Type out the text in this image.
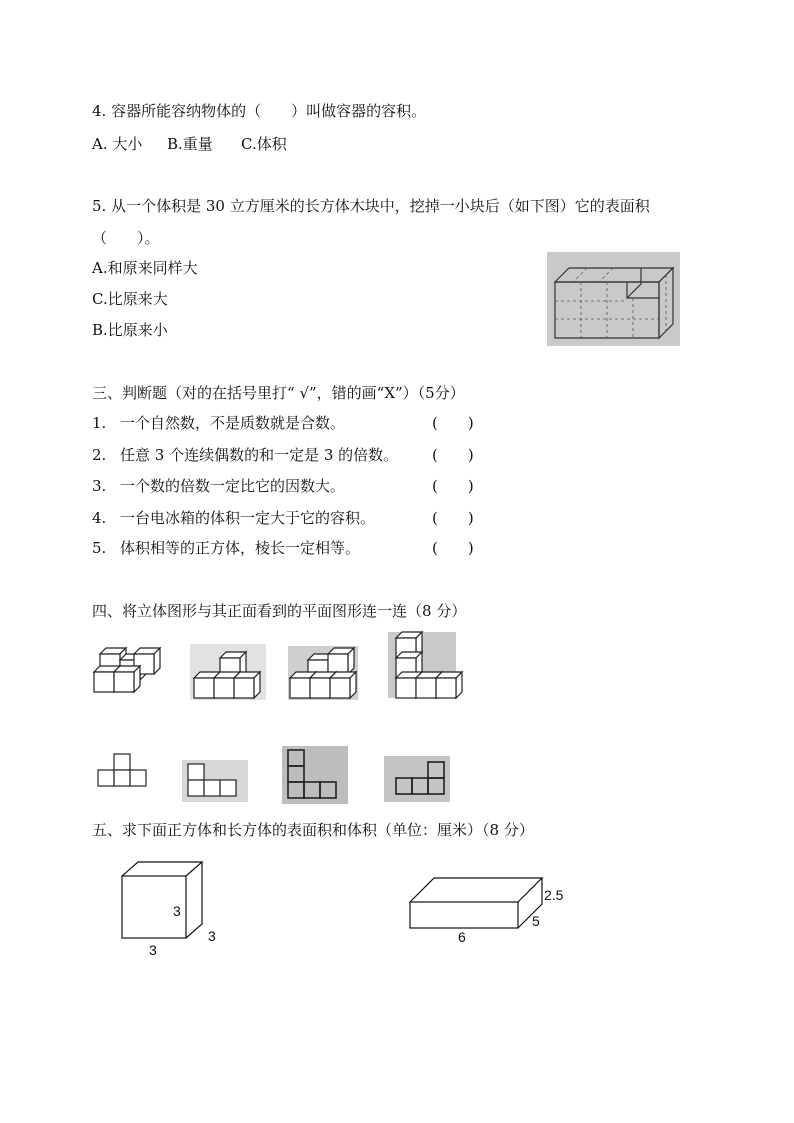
4. 容器所能容纳物体的（　　）叫做容器的容积。
A. 大小 B.重量 C.体积
5. 从一个体积是 30 立方厘米的长方体木块中，挖掉一小块后（如下图）它的表面积
（　　）。
A.和原来同样大
C.比原来大
B.比原来小
三、判断题（对的在括号里打“ √”，错的画“X”）（5分）
1. 一个自然数，不是质数就是合数。	(　　)
2. 任意 3 个连续偶数的和一定是 3 的倍数。 (　　)
3. 一个数的倍数一定比它的因数大。	(　　)
4. 一台电冰箱的体积一定大于它的容积。	(　　)
5. 体积相等的正方体，棱长一定相等。	(　　)
四、将立体图形与其正面看到的平面图形连一连（8 分）
五、求下面正方体和长方体的表面积和体积（单位：厘米）（8 分）
3
3
3
2.5
5
6
